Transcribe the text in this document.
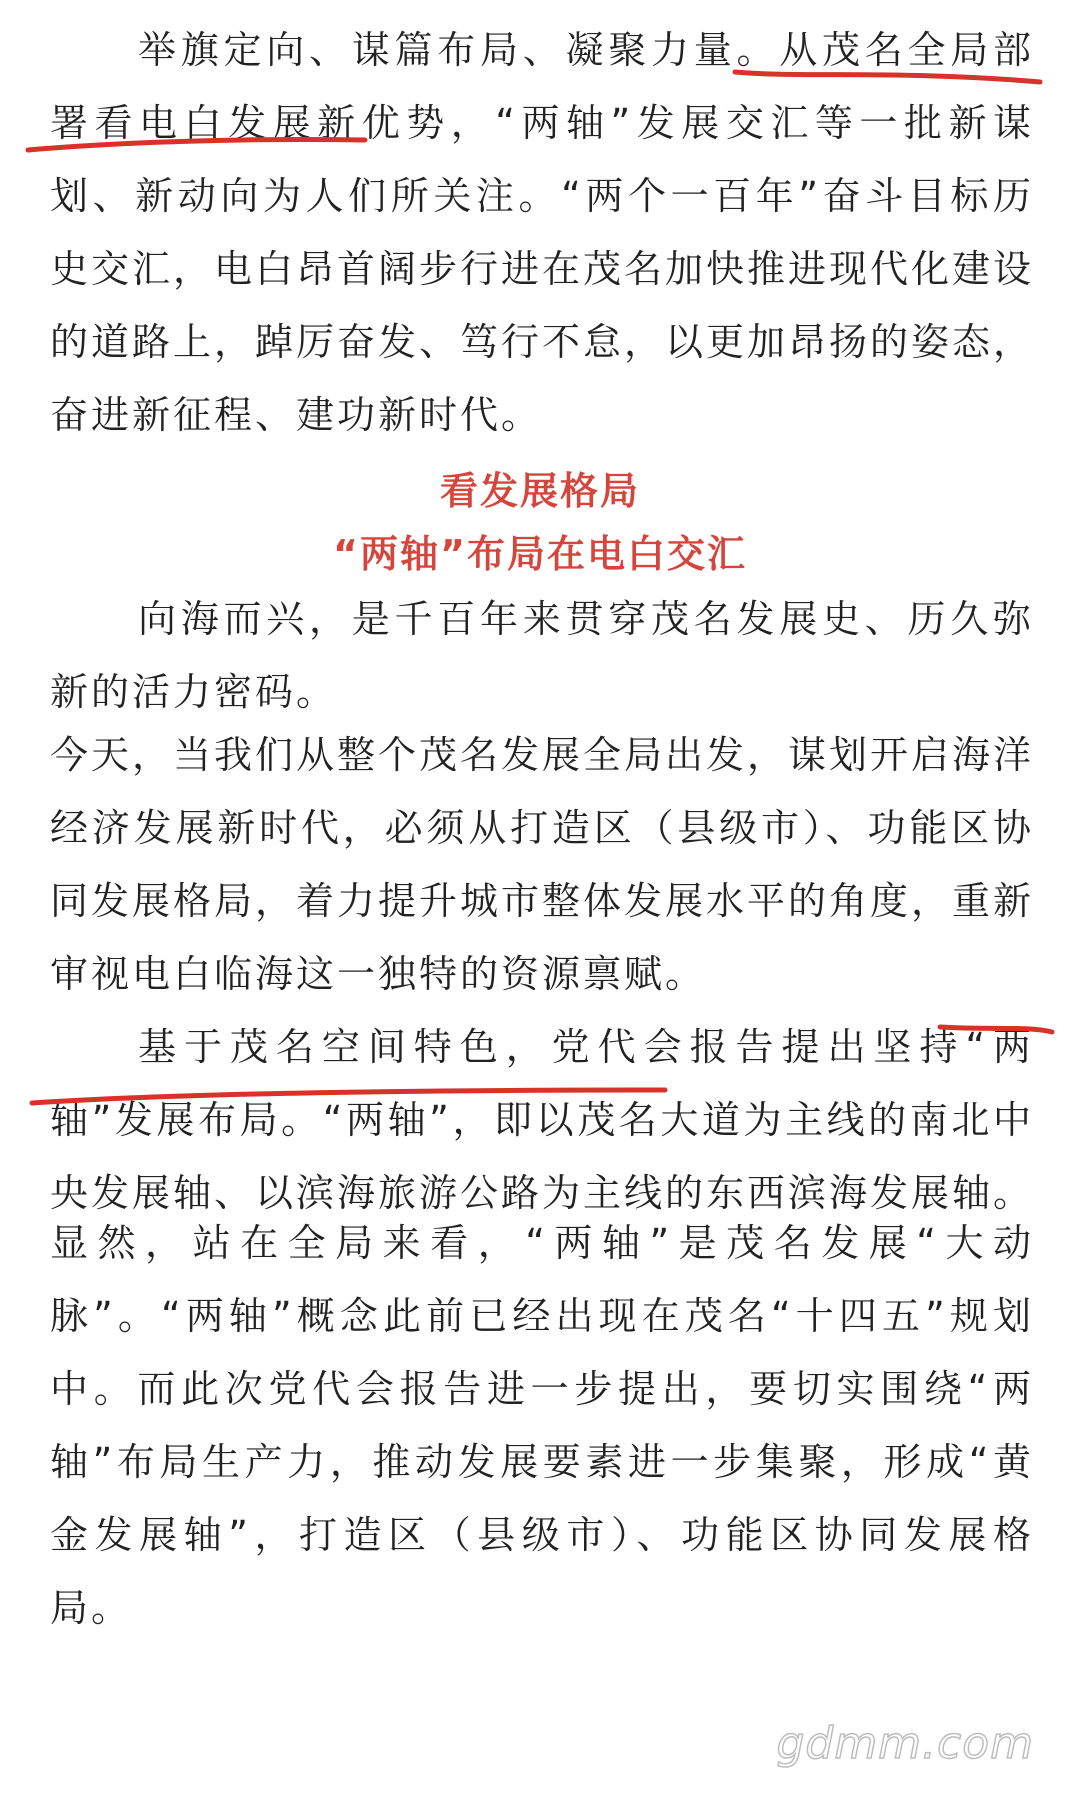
举旗定向、谋篇布局、凝聚力量。从茂名全局部署看电白发展新优势，“两轴”发展交汇等一批新谋划、新动向为人们所关注。“两个一百年”奋斗目标历史交汇，电白昂首阔步行进在茂名加快推进现代化建设的道路上，踔厉奋发、笃行不怠，以更加昂扬的姿态，奋进新征程、建功新时代。

看发展格局
“两轴”布局在电白交汇

向海而兴，是千百年来贯穿茂名发展史、历久弥新的活力密码。

今天，当我们从整个茂名发展全局出发，谋划开启海洋经济发展新时代，必须从打造区（县级市）、功能区协同发展格局，着力提升城市整体发展水平的角度，重新审视电白临海这一独特的资源禀赋。

基于茂名空间特色，党代会报告提出坚持“两轴”发展布局。“两轴”，即以茂名大道为主线的南北中央发展轴、以滨海旅游公路为主线的东西滨海发展轴。

显然，站在全局来看，“两轴”是茂名发展“大动脉”。“两轴”概念此前已经出现在茂名“十四五”规划中。而此次党代会报告进一步提出，要切实围绕“两轴”布局生产力，推动发展要素进一步集聚，形成“黄金发展轴”，打造区（县级市）、功能区协同发展格局。

gdmm.com
